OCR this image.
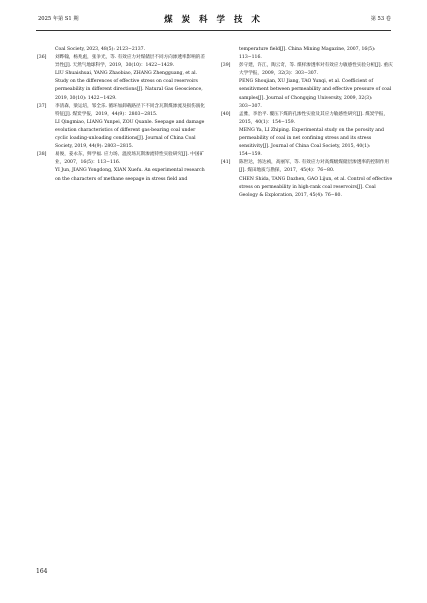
2025 年第 S1 期	煤 炭 科 学 技 术	第 53 卷

Coal Society, 2023, 48(5): 2123−2137.

[36]	刘晔翰，杨兆彪，张争光，等. 有效应力对煤储层不同方向渗透率影响的差异性[J]. 天然气地球科学，2019，30(10)：1422−1429.

LIU Shuaishuai, YANG Zhaobiao, ZHANG Zhengguang, et al. Study on the differences of effective stress on coal reservoirs permeability in different directions[J]. Natural Gas Geoscience, 2019, 30(10): 1422−1429.

[37]	李清森，梁运培，邹全乐. 循环加卸载路径下不同含瓦斯煤渗流及损伤演化特征[J]. 煤炭学报，2019，44(9)：2803−2815.

LI Qingmiao, LIANG Yunpei, ZOU Quanle. Seepage and damage evolution characteristics of different gas-bearing coal under cyclic loading-unloading conditions[J]. Journal of China Coal Society, 2019, 44(9): 2803−2815.

[38]	易俊，姜永东，鲜学福. 应力场、温度场瓦斯渗流特性实验研究[J]. 中国矿业，2007，16(5)：113−116.

YI Jun, JIANG Yongdong, XIAN Xuefu. An experimental research on the characters of methane seepage in stress field and

temperature field[J]. China Mining Magazine, 2007, 16(5):

113−116.

[39]	彭守建，许江，陶云奇，等. 煤样渗透率对有效应力敏感性实验分析[J]. 重庆大学学报，2009，32(3)：303−307.

PENG Shoujian, XU Jiang, TAO Yunqi, et al. Coefficient of sensitivment between permeability and effective pressure of coal samples[J]. Journal of Chongqing University, 2009, 32(3): 303−307.

[40]	孟雅，李治平. 覆压下煤的孔渗性实验及其应力敏感性研究[J]. 煤炭学报，2015，40(1)：154−159.

MENG Ya, LI Zhiping. Experimental study on the porosity and permeability of coal in net confining stress and its stress sensitivity[J]. Journal of China Coal Society, 2015, 40(1): 154−159.

[41]	陈世达，汤达祯，高丽军，等. 有效应力对高煤级煤储层渗透率的控制作用[J]. 煤田地质与勘探，2017，45(4)：76−80.

CHEN Shida, TANG Dazhen, GAO Lijun, et al. Control of effective stress on permeability in high-rank coal reservoirs[J]. Coal Geology & Exploration, 2017, 45(4): 76−80.

164
